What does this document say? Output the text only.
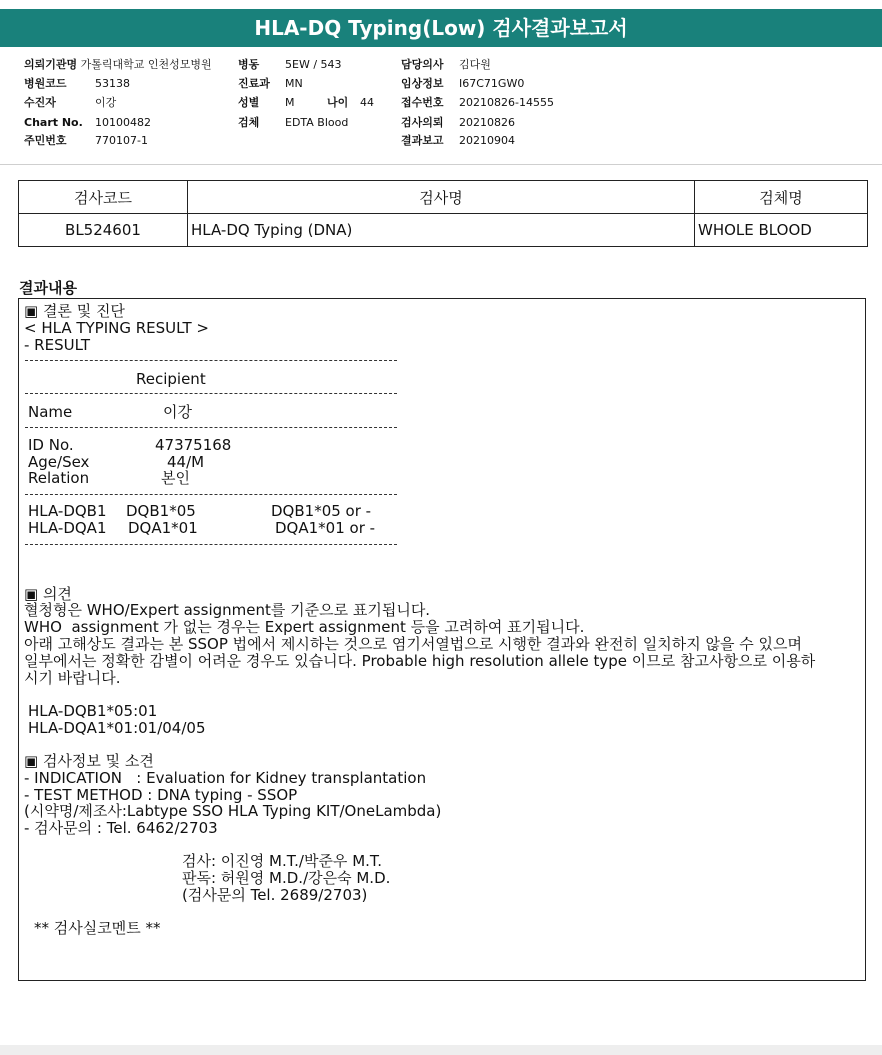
HLA-DQ Typing(Low) 검사결과보고서
의뢰기관명 가톨릭대학교 인천성모병원
병원코드	53138
수진자	이강
Chart No. 10100482
주민번호	770107-1
병동 5EW / 543
진료과 MN
성별 M	나이 44
검체 EDTA Blood
담당의사 김다원
임상정보 I67C71GW0
접수번호 20210826-14555
검사의뢰 20210826
결과보고 20210904
검사코드	검사명	검체명
BL524601	HLA-DQ Typing (DNA)	WHOLE BLOOD
결과내용
▣ 결론 및 진단
< HLA TYPING RESULT >
- RESULT
Recipient
Name	이강
ID No.	47375168
Age/Sex	44/M
Relation	본인
HLA-DQB1 DQB1*05	DQB1*05 or -
HLA-DQA1 DQA1*01	DQA1*01 or -
▣ 의견
혈청형은 WHO/Expert assignment를 기준으로 표기됩니다.
WHO  assignment 가 없는 경우는 Expert assignment 등을 고려하여 표기됩니다.
아래 고해상도 결과는 본 SSOP 법에서 제시하는 것으로 염기서열법으로 시행한 결과와 완전히 일치하지 않을 수 있으며
일부에서는 정확한 감별이 어려운 경우도 있습니다. Probable high resolution allele type 이므로 참고사항으로 이용하
시기 바랍니다.
HLA-DQB1*05:01
HLA-DQA1*01:01/04/05
▣ 검사정보 및 소견
- INDICATION   : Evaluation for Kidney transplantation
- TEST METHOD : DNA typing - SSOP
(시약명/제조사:Labtype SSO HLA Typing KIT/OneLambda)
- 검사문의 : Tel. 6462/2703
검사: 이진영 M.T./박준우 M.T.
판독: 허원영 M.D./강은숙 M.D.
(검사문의 Tel. 2689/2703)
** 검사실코멘트 **
